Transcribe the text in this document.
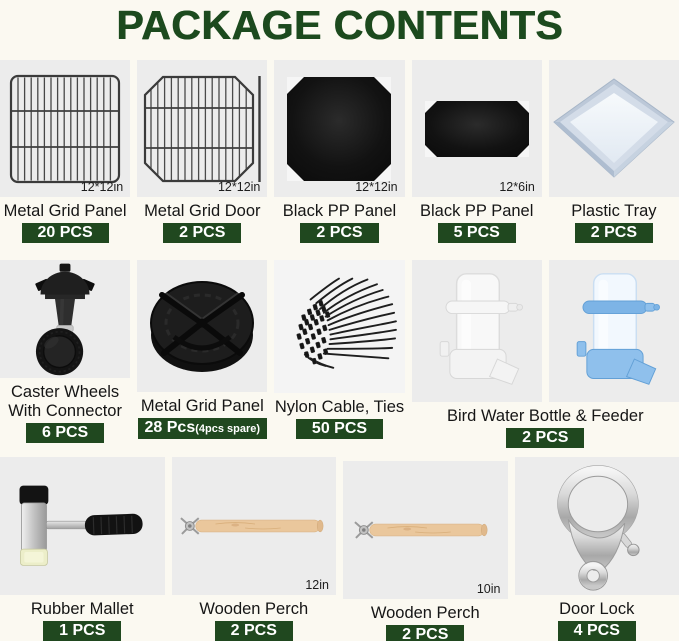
PACKAGE CONTENTS
12*12in
Metal Grid Panel
20 PCS
12*12in
Metal Grid Door
2 PCS
12*12in
Black PP Panel
2 PCS
12*6in
Black PP Panel
5 PCS
Plastic Tray
2 PCS
Caster Wheels
With Connector
6 PCS
Metal Grid Panel
28 Pcs(4pcs spare)
Nylon Cable, Ties
50 PCS
Bird Water Bottle & Feeder
2 PCS
Rubber Mallet
1 PCS
12in
Wooden Perch
2 PCS
10in
Wooden Perch
2 PCS
Door Lock
4 PCS
